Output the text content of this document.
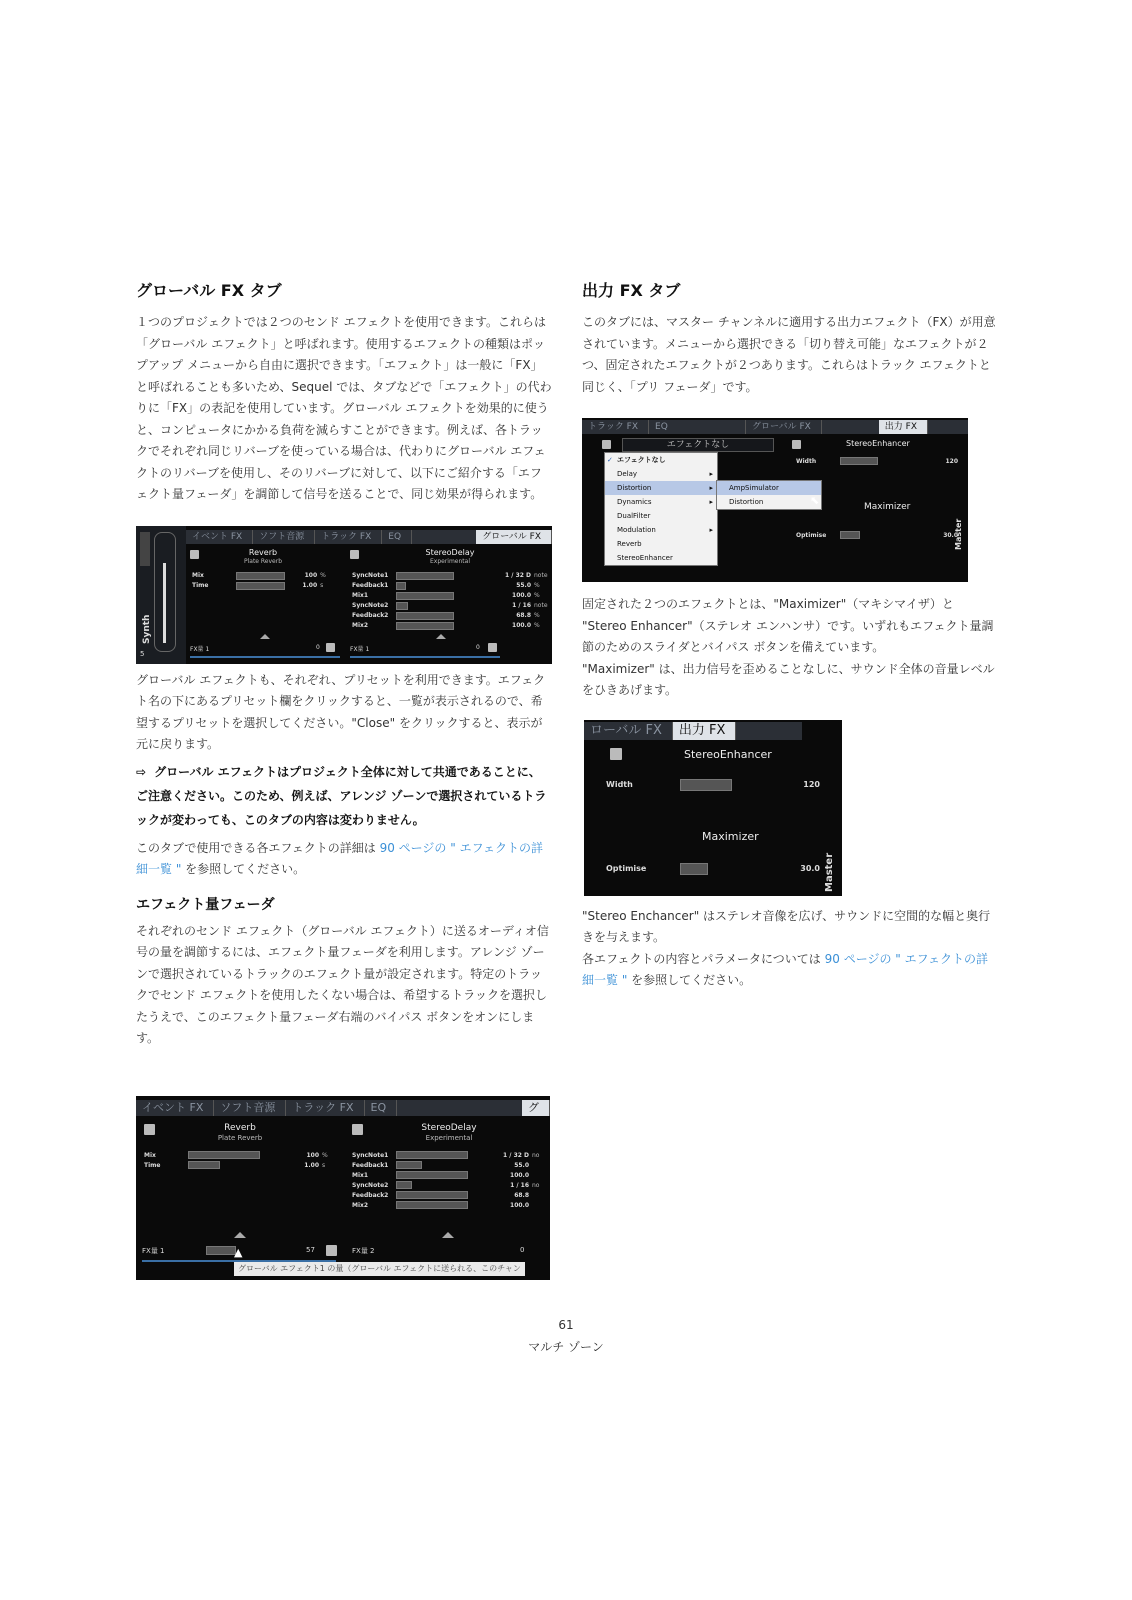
グローバル FX タブ

１つのプロジェクトでは２つのセンド エフェクトを使用できます。これらは「グローバル エフェクト」と呼ばれます。使用するエフェクトの種類はポップアップ メニューから自由に選択できます。「エフェクト」は一般に「FX」と呼ばれることも多いため、Sequel では、タブなどで「エフェクト」の代わりに「FX」の表記を使用しています。グローバル エフェクトを効果的に使うと、コンピュータにかかる負荷を減らすことができます。例えば、各トラックでそれぞれ同じリバーブを使っている場合は、代わりにグローバル エフェクトのリバーブを使用し、そのリバーブに対して、以下にご紹介する「エフェクト量フェーダ」を調節して信号を送ることで、同じ効果が得られます。

Synth
5
イベント FX	ソフト音源	トラック FX	EQ	グローバル FX
Reverb
Plate Reverb
Mix	100 %
Time	1.00 s
StereoDelay
Experimental
SyncNote1	1 / 32 D note
Feedback1	55.0 %
Mix1	100.0 %
SyncNote2	1 / 16 note
Feedback2	68.8 %
Mix2	100.0 %
FX量 1	0	FX量 1	0

グローバル エフェクトも、それぞれ、プリセットを利用できます。エフェクト名の下にあるプリセット欄をクリックすると、一覧が表示されるので、希望するプリセットを選択してください。"Close" をクリックすると、表示が元に戻ります。

⇨ グローバル エフェクトはプロジェクト全体に対して共通であることに、ご注意ください。このため、例えば、アレンジ ゾーンで選択されているトラックが変わっても、このタブの内容は変わりません。

このタブで使用できる各エフェクトの詳細は 90 ページの " エフェクトの詳細一覧 " を参照してください。

エフェクト量フェーダ

それぞれのセンド エフェクト（グローバル エフェクト）に送るオーディオ信号の量を調節するには、エフェクト量フェーダを利用します。アレンジ ゾーンで選択されているトラックのエフェクト量が設定されます。特定のトラックでセンド エフェクトを使用したくない場合は、希望するトラックを選択したうえで、このエフェクト量フェーダ右端のバイパス ボタンをオンにします。

イベント FX	ソフト音源	トラック FX	EQ	グ
Reverb
Plate Reverb
Mix	100 %
Time	1.00 s
StereoDelay
Experimental
SyncNote1	1 / 32 D no
Feedback1	55.0
Mix1	100.0
SyncNote2	1 / 16 no
Feedback2	68.8
Mix2	100.0
FX量 1	▲	57	FX量 2	0
グローバル エフェクト1 の量（グローバル エフェクトに送られる、このチャン
出力 FX タブ

このタブには、マスター チャンネルに適用する出力エフェクト（FX）が用意されています。メニューから選択できる「切り替え可能」なエフェクトが２つ、固定されたエフェクトが２つあります。これらはトラック エフェクトと同じく、「プリ フェーダ」です。

トラック FX	EQ	グローバル FX	出力 FX
エフェクトなし	StereoEnhancer
Width	120
Maximizer
Optimise	30.0
Master
✓ エフェクトなし
Delay	▸
Distortion	▸
Dynamics	▸
DualFilter
Modulation	▸
Reverb
StereoEnhancer
AmpSimulator
Distortion	⬉

固定された２つのエフェクトとは、"Maximizer"（マキシマイザ）と "Stereo Enhancer"（ステレオ エンハンサ）です。いずれもエフェクト量調節のためのスライダとバイパス ボタンを備えています。

"Maximizer" は、出力信号を歪めることなしに、サウンド全体の音量レベルをひきあげます。

ローバル FX	出力 FX
StereoEnhancer
Width	120
Maximizer
Optimise	30.0 Master

"Stereo Enchancer" はステレオ音像を広げ、サウンドに空間的な幅と奥行きを与えます。

各エフェクトの内容とパラメータについては 90 ページの " エフェクトの詳細一覧 " を参照してください。

61
マルチ ゾーン
